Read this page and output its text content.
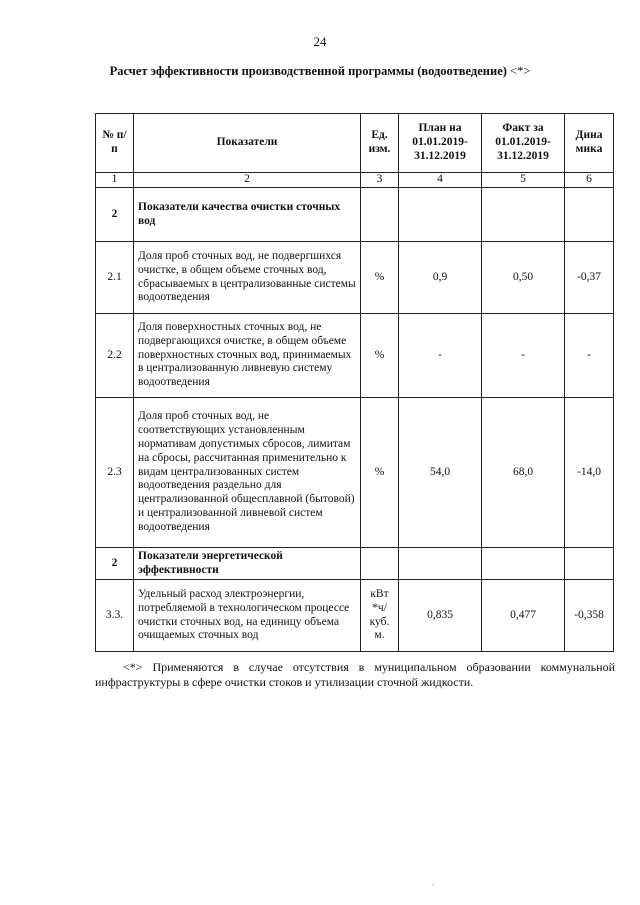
24
Расчет эффективности производственной программы (водоотведение) <*>
№ п/п	Показатели	Ед. изм.	План на 01.01.2019-31.12.2019	Факт за 01.01.2019-31.12.2019	Дина мика
1	2	3	4	5	6
2	Показатели качества очистки сточных вод				
2.1	Доля проб сточных вод, не подвергшихся очистке, в общем объеме сточных вод, сбрасываемых в централизованные системы водоотведения	%	0,9	0,50	-0,37
2.2	Доля поверхностных сточных вод, не подвергающихся очистке, в общем объеме поверхностных сточных вод, принимаемых в централизованную ливневую систему водоотведения	%	-	-	-
2.3	Доля проб сточных вод, не соответствующих установленным нормативам допустимых сбросов, лимитам на сбросы, рассчитанная применительно к видам централизованных систем водоотведения раздельно для централизованной общесплавной (бытовой) и централизованной ливневой систем водоотведения	%	54,0	68,0	-14,0
2	Показатели энергетической эффективности				
3.3.	Удельный расход электроэнергии, потребляемой в технологическом процессе очистки сточных вод, на единицу объема очищаемых сточных вод	кВт *ч/ куб. м.	0,835	0,477	-0,358
<*> Применяются в случае отсутствия в муниципальном образовании коммунальной инфраструктуры в сфере очистки стоков и утилизации сточной жидкости.
